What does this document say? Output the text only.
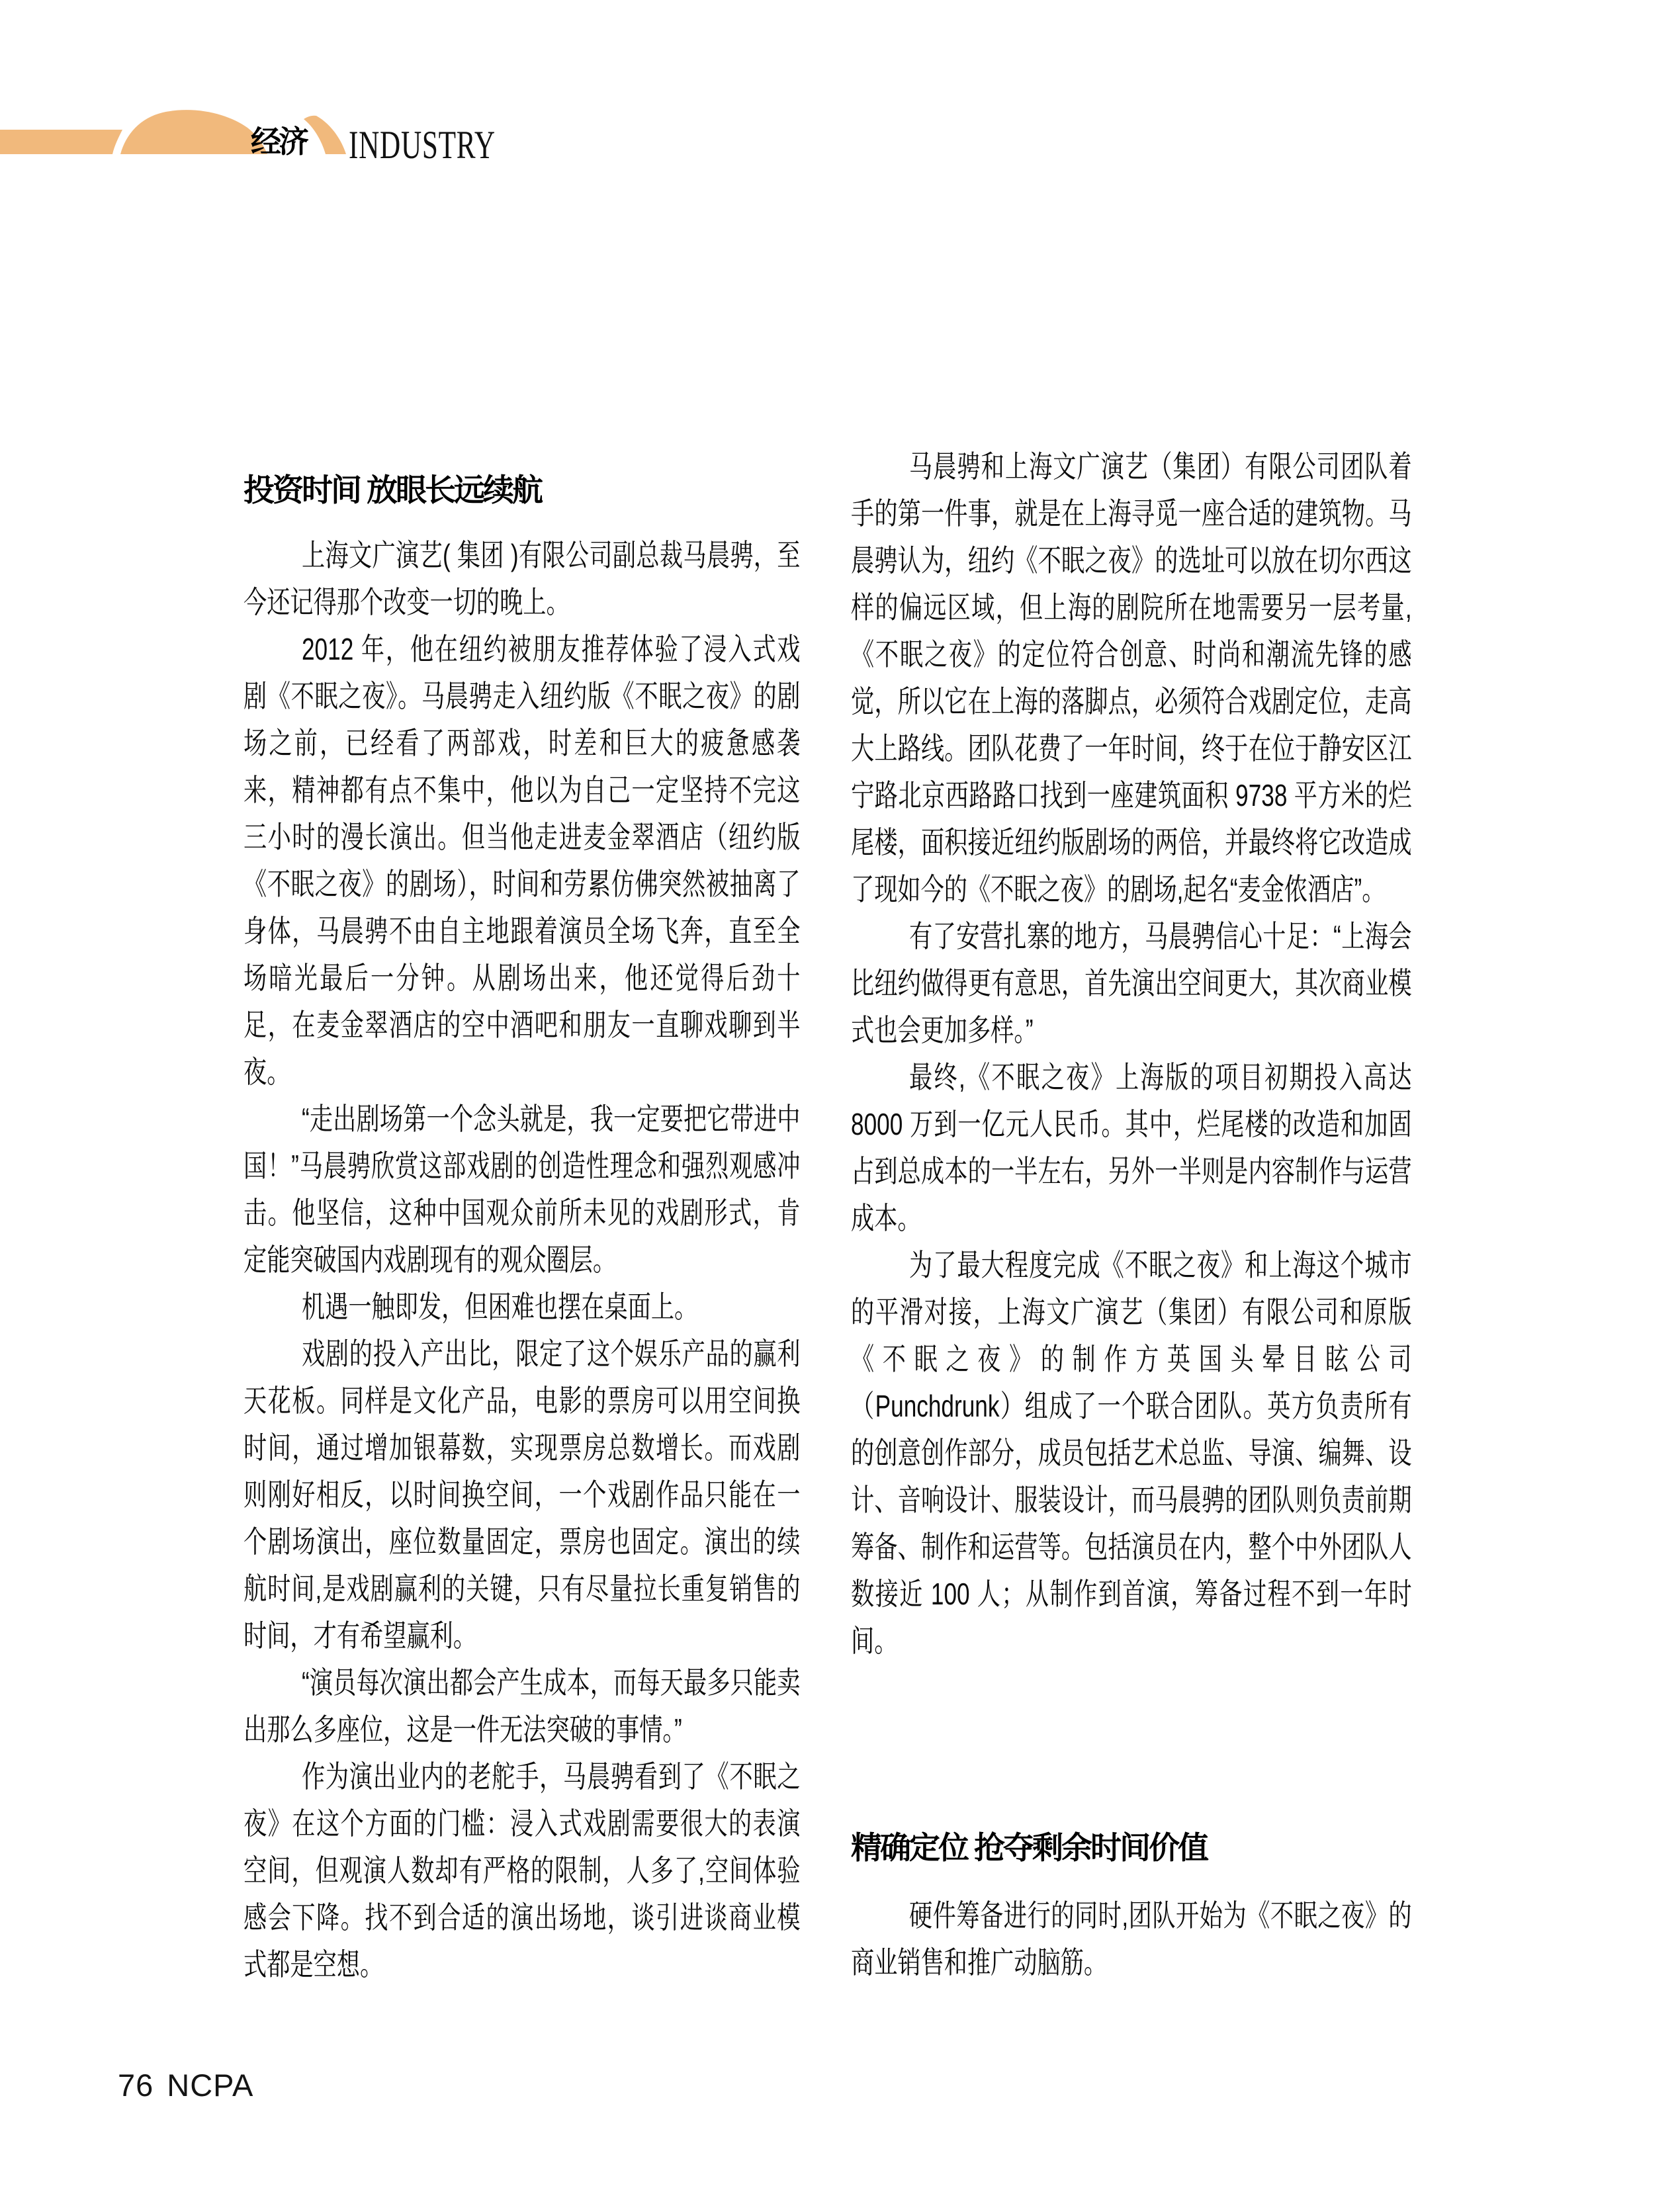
经济 INDUSTRY
投资时间 放眼长远续航

上海文广演艺( 集团 )有限公司副总裁马晨骋，至今还记得那个改变一切的晚上。

2012 年，他在纽约被朋友推荐体验了浸入式戏剧《不眠之夜》。马晨骋走入纽约版《不眠之夜》的剧场之前，已经看了两部戏，时差和巨大的疲惫感袭来，精神都有点不集中，他以为自己一定坚持不完这三小时的漫长演出。但当他走进麦金翠酒店（纽约版《不眠之夜》的剧场），时间和劳累仿佛突然被抽离了身体，马晨骋不由自主地跟着演员全场飞奔，直至全场暗光最后一分钟。从剧场出来，他还觉得后劲十足，在麦金翠酒店的空中酒吧和朋友一直聊戏聊到半夜。

“走出剧场第一个念头就是，我一定要把它带进中国！”马晨骋欣赏这部戏剧的创造性理念和强烈观感冲击。他坚信，这种中国观众前所未见的戏剧形式，肯定能突破国内戏剧现有的观众圈层。

机遇一触即发，但困难也摆在桌面上。

戏剧的投入产出比，限定了这个娱乐产品的赢利天花板。同样是文化产品，电影的票房可以用空间换时间，通过增加银幕数，实现票房总数增长。而戏剧则刚好相反，以时间换空间，一个戏剧作品只能在一个剧场演出，座位数量固定，票房也固定。演出的续航时间,是戏剧赢利的关键，只有尽量拉长重复销售的时间，才有希望赢利。

“演员每次演出都会产生成本，而每天最多只能卖出那么多座位，这是一件无法突破的事情。”

作为演出业内的老舵手，马晨骋看到了《不眠之夜》在这个方面的门槛：浸入式戏剧需要很大的表演空间，但观演人数却有严格的限制，人多了,空间体验感会下降。找不到合适的演出场地，谈引进谈商业模式都是空想。

马晨骋和上海文广演艺（集团）有限公司团队着手的第一件事，就是在上海寻觅一座合适的建筑物。马晨骋认为，纽约《不眠之夜》的选址可以放在切尔西这样的偏远区域，但上海的剧院所在地需要另一层考量,《不眠之夜》的定位符合创意、时尚和潮流先锋的感觉，所以它在上海的落脚点，必须符合戏剧定位，走高大上路线。团队花费了一年时间，终于在位于静安区江宁路北京西路路口找到一座建筑面积 9738 平方米的烂尾楼，面积接近纽约版剧场的两倍，并最终将它改造成了现如今的《不眠之夜》的剧场,起名“麦金侬酒店”。

有了安营扎寨的地方，马晨骋信心十足：“上海会比纽约做得更有意思，首先演出空间更大，其次商业模式也会更加多样。”

最终,《不眠之夜》上海版的项目初期投入高达 8000 万到一亿元人民币。其中，烂尾楼的改造和加固占到总成本的一半左右，另外一半则是内容制作与运营成本。

为了最大程度完成《不眠之夜》和上海这个城市的平滑对接，上海文广演艺（集团）有限公司和原版《不眠之夜》的制作方英国头晕目眩公司（Punchdrunk）组成了一个联合团队。英方负责所有的创意创作部分，成员包括艺术总监、导演、编舞、设计、音响设计、服装设计，而马晨骋的团队则负责前期筹备、制作和运营等。包括演员在内，整个中外团队人数接近 100 人；从制作到首演，筹备过程不到一年时间。

精确定位 抢夺剩余时间价值

硬件筹备进行的同时,团队开始为《不眠之夜》的商业销售和推广动脑筋。

76 NCPA
